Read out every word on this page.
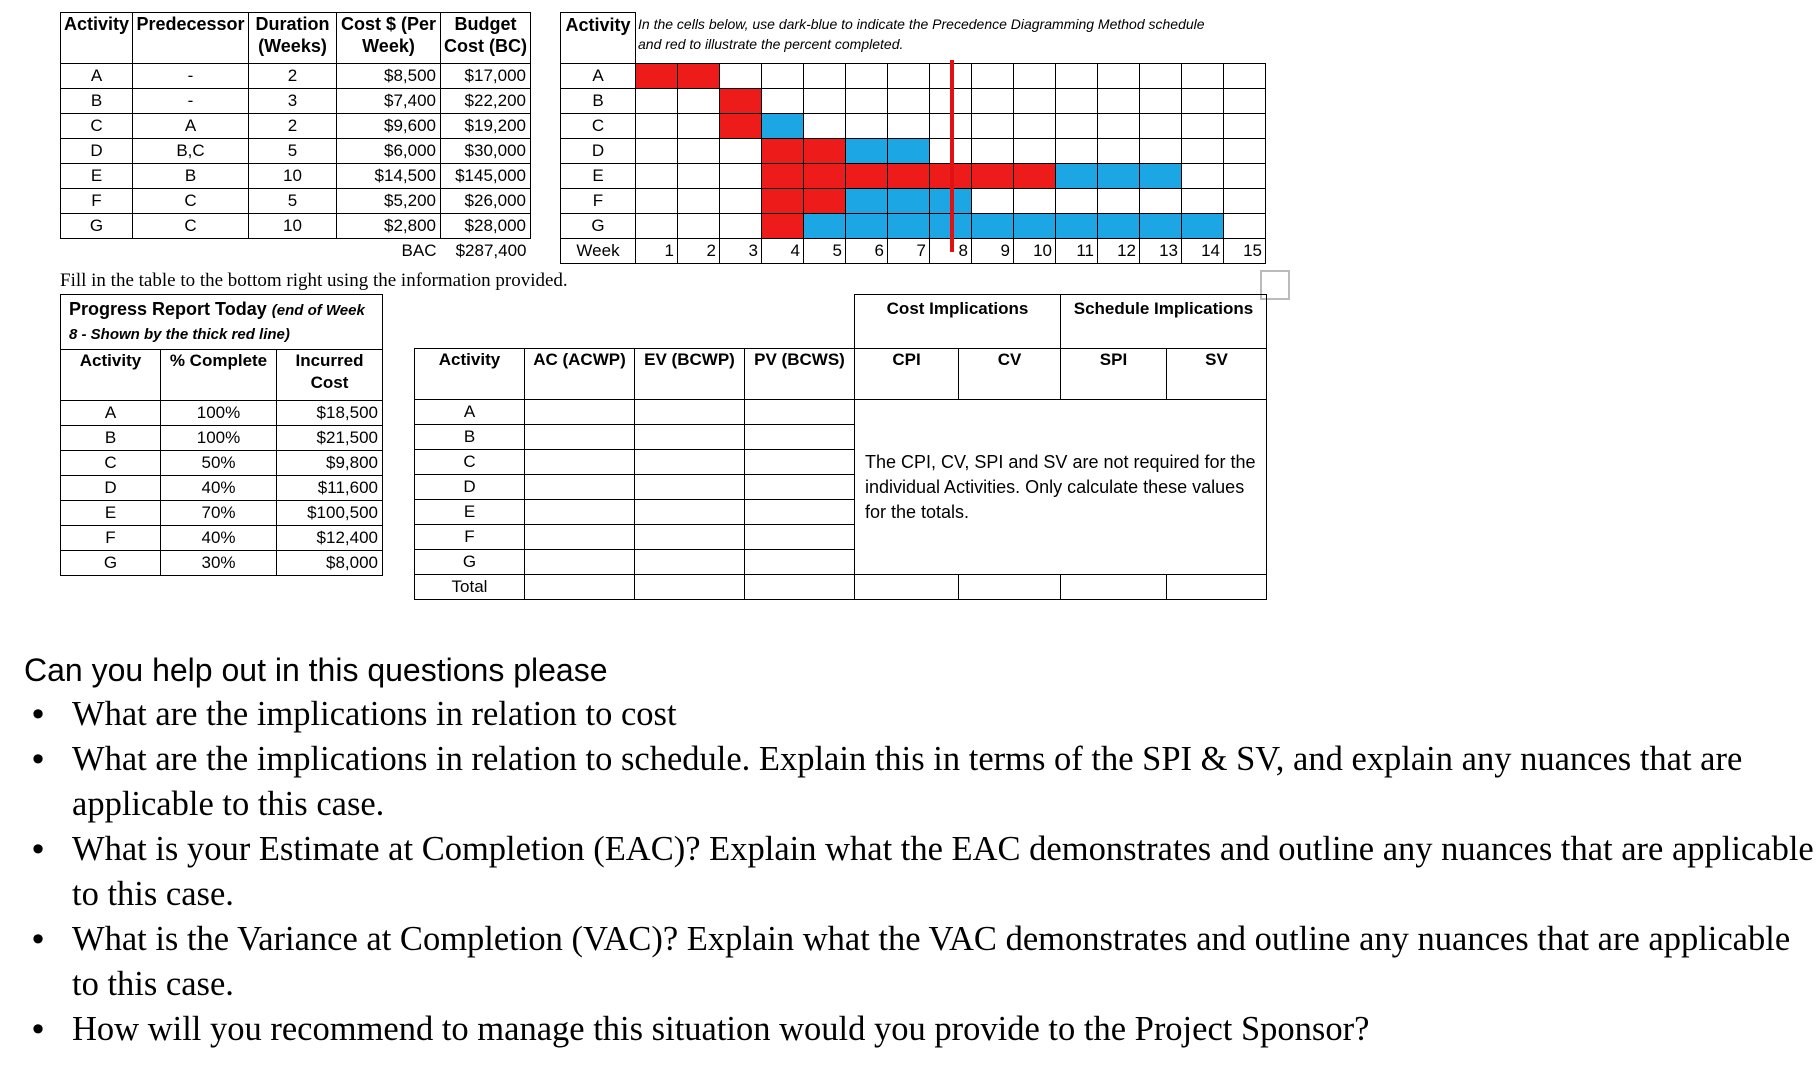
Activity	Predecessor	Duration (Weeks)	Cost $ (Per Week)	Budget Cost (BC)
A	-	2	$8,500	$17,000
B	-	3	$7,400	$22,200
C	A	2	$9,600	$19,200
D	B,C	5	$6,000	$30,000
E	B	10	$14,500	$145,000
F	C	5	$5,200	$26,000
G	C	10	$2,800	$28,000
			BAC	$287,400
Activity															
A															
B															
C															
D															
E															
F															
G															
Week	1	2	3	4	5	6	7	8	9	10	11	12	13	14	15
In the cells below, use dark-blue to indicate the Precedence Diagramming Method schedule and red to illustrate the percent completed.
Fill in the table to the bottom right using the information provided.
Progress Report Today (end of Week 8 - Shown by the thick red line)		
Activity	% Complete	Incurred Cost
A	100%	$18,500
B	100%	$21,500
C	50%	$9,800
D	40%	$11,600
E	70%	$100,500
F	40%	$12,400
G	30%	$8,000
				Cost Implications		Schedule Implications	
Activity	AC (ACWP)	EV (BCWP)	PV (BCWS)	CPI	CV	SPI	SV
A				The CPI, CV, SPI and SV are not required for the individual Activities. Only calculate these values for the totals.			
B							
C							
D							
E							
F							
G							
Total							
Can you help out in this questions please
• What are the implications in relation to cost
• What are the implications in relation to schedule. Explain this in terms of the SPI & SV, and explain any nuances that are applicable to this case.
• What is your Estimate at Completion (EAC)? Explain what the EAC demonstrates and outline any nuances that are applicable to this case.
• What is the Variance at Completion (VAC)? Explain what the VAC demonstrates and outline any nuances that are applicable to this case.
• How will you recommend to manage this situation would you provide to the Project Sponsor?
